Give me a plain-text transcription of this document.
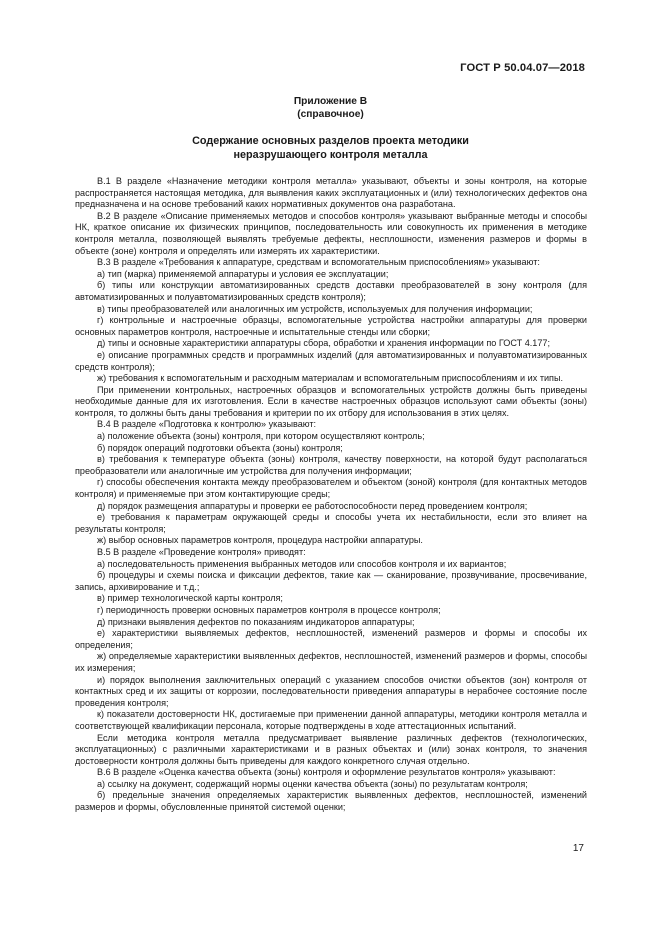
ГОСТ Р 50.04.07—2018
Приложение В
(справочное)
Содержание основных разделов проекта методики
неразрушающего контроля металла

В.1 В разделе «Назначение методики контроля металла» указывают, объекты и зоны контроля, на которые распространяется настоящая методика, для выявления каких эксплуатационных и (или) технологических дефектов она предназначена и на основе требований каких нормативных документов она разработана.

В.2 В разделе «Описание применяемых методов и способов контроля» указывают выбранные методы и способы НК, краткое описание их физических принципов, последовательность или совокупность их применения в методике контроля металла, позволяющей выявлять требуемые дефекты, несплошности, изменения размеров и формы в объекте (зоне) контроля и определять или измерять их характеристики.

В.3 В разделе «Требования к аппаратуре, средствам и вспомогательным приспособлениям» указывают:

а) тип (марка) применяемой аппаратуры и условия ее эксплуатации;

б) типы или конструкции автоматизированных средств доставки преобразователей в зону контроля (для автоматизированных и полуавтоматизированных средств контроля);

в) типы преобразователей или аналогичных им устройств, используемых для получения информации;

г) контрольные и настроечные образцы, вспомогательные устройства настройки аппаратуры для проверки основных параметров контроля, настроечные и испытательные стенды или сборки;

д) типы и основные характеристики аппаратуры сбора, обработки и хранения информации по ГОСТ 4.177;

е) описание программных средств и программных изделий (для автоматизированных и полуавтоматизированных средств контроля);

ж) требования к вспомогательным и расходным материалам и вспомогательным приспособлениям и их типы.

При применении контрольных, настроечных образцов и вспомогательных устройств должны быть приведены необходимые данные для их изготовления. Если в качестве настроечных образцов используют сами объекты (зоны) контроля, то должны быть даны требования и критерии по их отбору для использования в этих целях.

В.4 В разделе «Подготовка к контролю» указывают:

а) положение объекта (зоны) контроля, при котором осуществляют контроль;

б) порядок операций подготовки объекта (зоны) контроля;

в) требования к температуре объекта (зоны) контроля, качеству поверхности, на которой будут располагаться преобразователи или аналогичные им устройства для получения информации;

г) способы обеспечения контакта между преобразователем и объектом (зоной) контроля (для контактных методов контроля) и применяемые при этом контактирующие среды;

д) порядок размещения аппаратуры и проверки ее работоспособности перед проведением контроля;

е) требования к параметрам окружающей среды и способы учета их нестабильности, если это влияет на результаты контроля;

ж) выбор основных параметров контроля, процедура настройки аппаратуры.

В.5 В разделе «Проведение контроля» приводят:

а) последовательность применения выбранных методов или способов контроля и их вариантов;

б) процедуры и схемы поиска и фиксации дефектов, такие как — сканирование, прозвучивание, просвечивание, запись, архивирование и т.д.;

в) пример технологической карты контроля;

г) периодичность проверки основных параметров контроля в процессе контроля;

д) признаки выявления дефектов по показаниям индикаторов аппаратуры;

е) характеристики выявляемых дефектов, несплошностей, изменений размеров и формы и способы их определения;

ж) определяемые характеристики выявленных дефектов, несплошностей, изменений размеров и формы, способы их измерения;

и) порядок выполнения заключительных операций с указанием способов очистки объектов (зон) контроля от контактных сред и их защиты от коррозии, последовательности приведения аппаратуры в нерабочее состояние после проведения контроля;

к) показатели достоверности НК, достигаемые при применении данной аппаратуры, методики контроля металла и соответствующей квалификации персонала, которые подтверждены в ходе аттестационных испытаний.

Если методика контроля металла предусматривает выявление различных дефектов (технологических, эксплуатационных) с различными характеристиками и в разных объектах и (или) зонах контроля, то значения достоверности контроля должны быть приведены для каждого конкретного случая отдельно.

В.6 В разделе «Оценка качества объекта (зоны) контроля и оформление результатов контроля» указывают:

а) ссылку на документ, содержащий нормы оценки качества объекта (зоны) по результатам контроля;

б) предельные значения определяемых характеристик выявленных дефектов, несплошностей, изменений размеров и формы, обусловленные принятой системой оценки;

17
